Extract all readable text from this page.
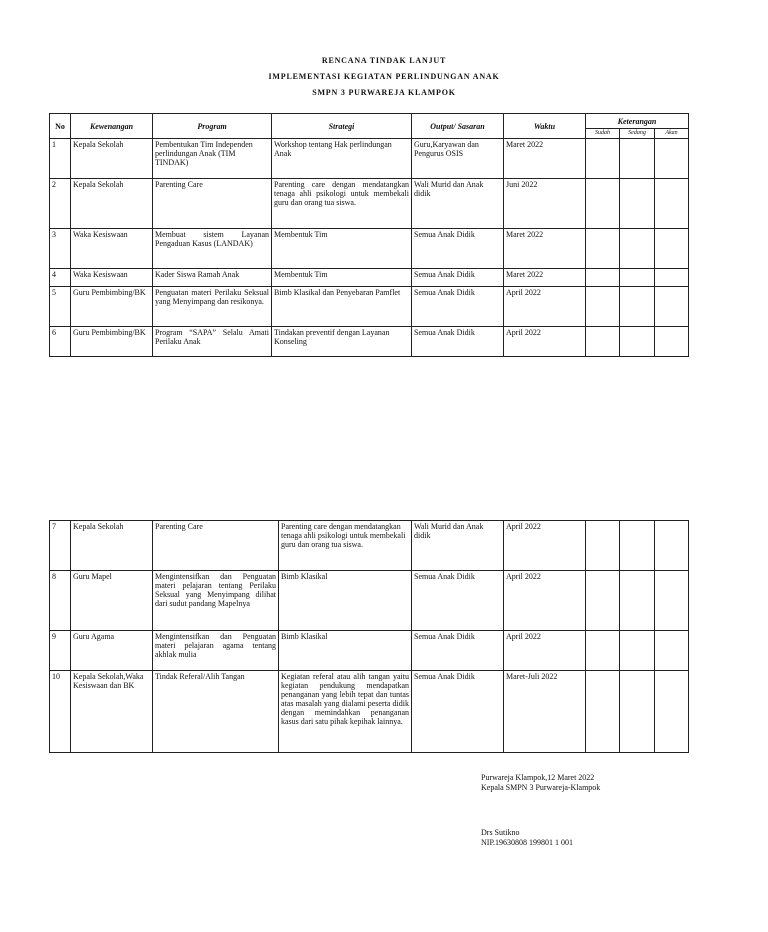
RENCANA TINDAK LANJUT
IMPLEMENTASI KEGIATAN PERLINDUNGAN ANAK
SMPN 3 PURWAREJA KLAMPOK
No	Kewenangan	Program	Strategi	Output/ Sasaran	Waktu	Keterangan		
						Sudah	Sedang	Akan
1	Kepala Sekolah	Pembentukan Tim Independen perlindungan Anak (TIM TINDAK)	Workshop tentang Hak perlindungan Anak	Guru,Karyawan dan Pengurus OSIS	Maret 2022			
2	Kepala Sekolah	Parenting Care	Parenting care dengan mendatangkan tenaga ahli psikologi untuk membekali guru dan orang tua siswa.	Wali Murid dan Anak didik	Juni 2022			
3	Waka Kesiswaan	Membuat sistem Layanan Pengaduan Kasus (LANDAK)	Membentuk Tim	Semua Anak Didik	Maret 2022			
4	Waka Kesiswaan	Kader Siswa Ramah Anak	Membentuk Tim	Semua Anak Didik	Maret 2022			
5	Guru Pembimbing/BK	Penguatan materi Perilaku Seksual yang Menyimpang dan resikonya.	Bimb Klasikal dan Penyebaran Pamflet	Semua Anak Didik	April 2022			
6	Guru Pembimbing/BK	Program “SAPA” Selalu Amati Perilaku Anak	Tindakan preventif dengan Layanan Konseling	Semua Anak Didik	April 2022			
7	Kepala Sekolah	Parenting Care	Parenting care dengan mendatangkan tenaga ahli psikologi untuk membekali guru dan orang tua siswa.	Wali Murid dan Anak didik	April 2022			
8	Guru Mapel	Mengintensifkan dan Penguatan materi pelajaran tentang Perilaku Seksual yang Menyimpang dilihat dari sudut pandang Mapelnya	Bimb Klasikal	Semua Anak Didik	April 2022			
9	Guru Agama	Mengintensifkan dan Penguatan materi pelajaran agama tentang akhlak mulia	Bimb Klasikal	Semua Anak Didik	April 2022			
10	Kepala Sekolah,Waka Kesiswaan dan BK	Tindak Referal/Alih Tangan	Kegiatan referal atau alih tangan yaitu kegiatan pendukung mendapatkan penanganan yang lebih tepat dan tuntas atas masalah yang dialami peserta didik dengan memindahkan penanganan kasus dari satu pihak kepihak lainnya.	Semua Anak Didik	Maret-Juli 2022			
Purwareja Klampok,12 Maret 2022
Kepala SMPN 3 Purwareja-Klampok
Drs Sutikno
NIP.19630808 199801 1 001
